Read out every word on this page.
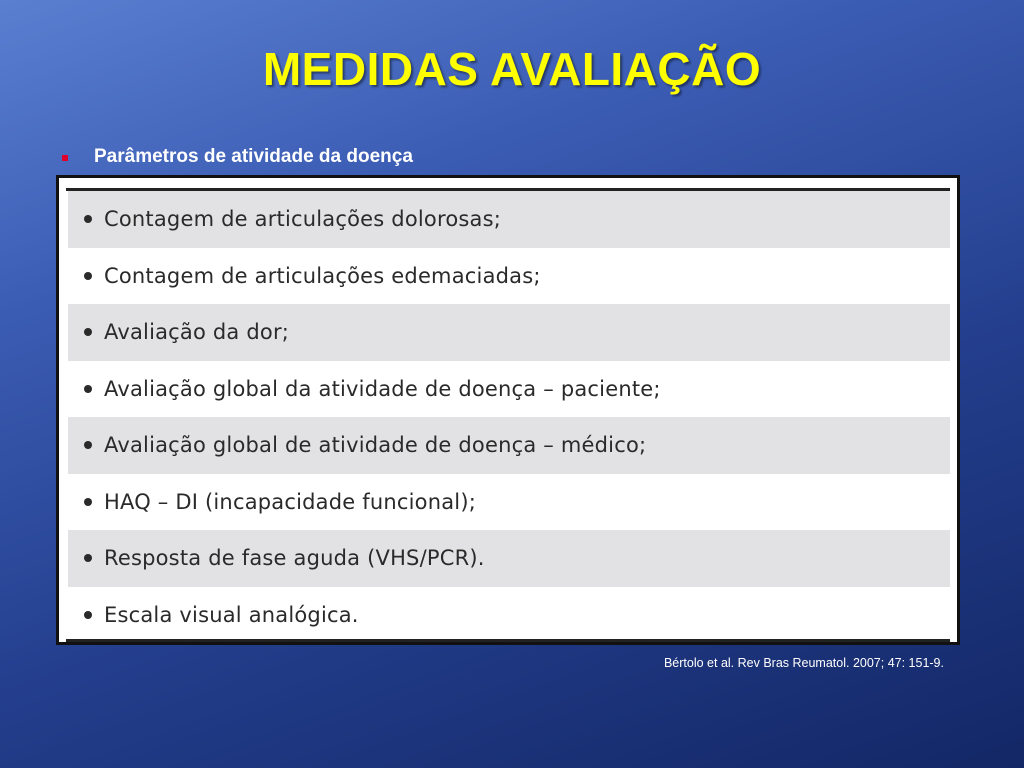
MEDIDAS AVALIAÇÃO
Parâmetros de atividade da doença
Contagem de articulações dolorosas;
Contagem de articulações edemaciadas;
Avaliação da dor;
Avaliação global da atividade de doença – paciente;
Avaliação global de atividade de doença – médico;
HAQ – DI (incapacidade funcional);
Resposta de fase aguda (VHS/PCR).
Escala visual analógica.
Bértolo et al. Rev Bras Reumatol. 2007; 47: 151-9.
